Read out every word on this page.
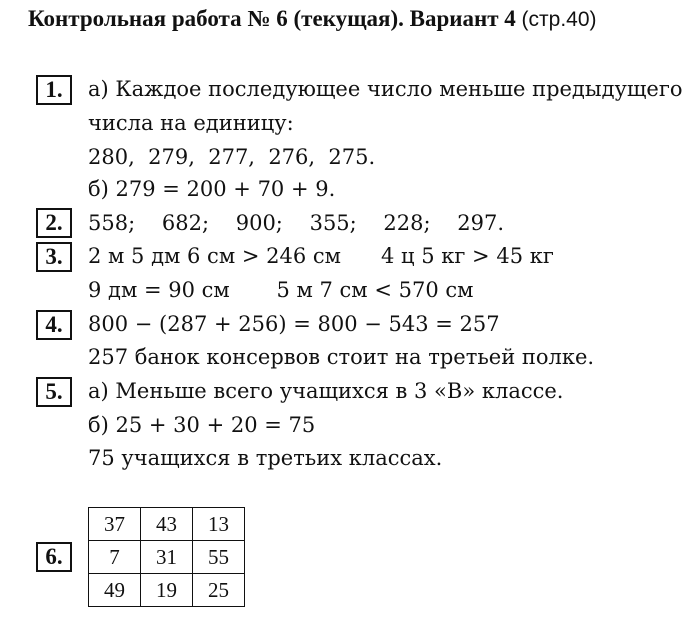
Контрольная работа № 6 (текущая). Вариант 4 (стр.40)
1.	а) Каждое последующее число меньше предыдущего
числа на единицу:
280,  279,  277,  276,  275.
б) 279 = 200 + 70 + 9.
2.	558;    682;    900;    355;    228;    297.
3.	2 м 5 дм 6 см > 246 см      4 ц 5 кг > 45 кг
9 дм = 90 см       5 м 7 см < 570 см
4.	800 − (287 + 256) = 800 − 543 = 257
257 банок консервов стоит на третьей полке.
5.	а) Меньше всего учащихся в 3 «В» классе.
б) 25 + 30 + 20 = 75
75 учащихся в третьих классах.
6.
37	43	13
7	31	55
49	19	25
